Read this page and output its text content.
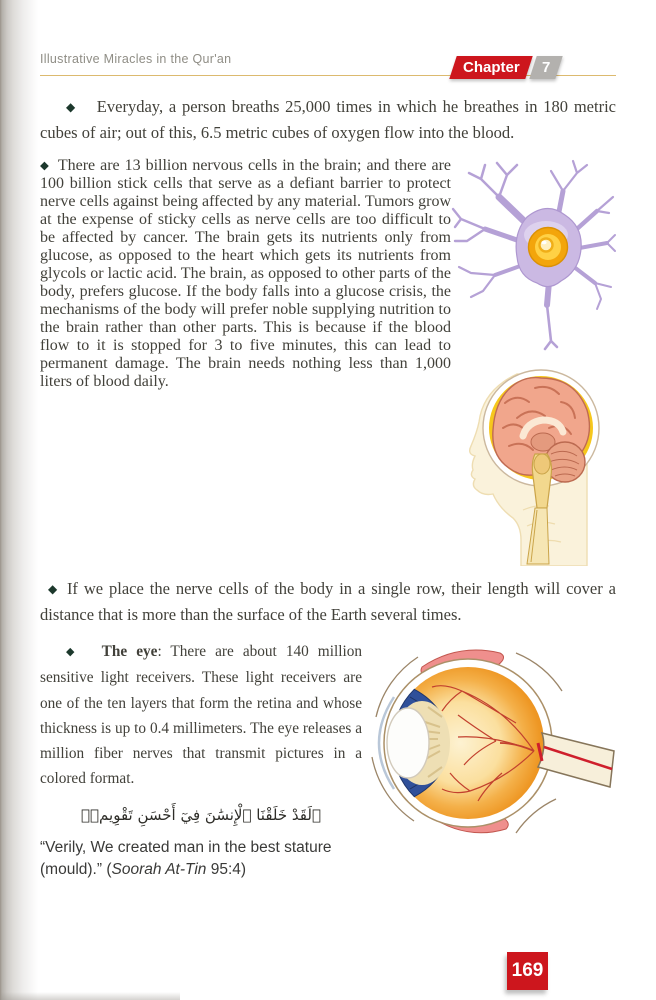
Illustrative Miracles in the Qur'an	Chapter 7

◆ Everyday, a person breaths 25,000 times in which he breathes in 180 metric cubes of air; out of this, 6.5 metric cubes of oxygen flow into the blood.

◆ There are 13 billion nervous cells in the brain; and there are 100 billion stick cells that serve as a defiant barrier to protect nerve cells against being affected by any material. Tumors grow at the expense of sticky cells as nerve cells are too difficult to be affected by cancer. The brain gets its nutrients only from glucose, as opposed to the heart which gets its nutrients from glycols or lactic acid. The brain, as opposed to other parts of the body, prefers glucose. If the body falls into a glucose crisis, the mechanisms of the body will prefer noble supplying nutrition to the brain rather than other parts. This is because if the blood flow to it is stopped for 3 to five minutes, this can lead to permanent damage. The brain needs nothing less than 1,000 liters of blood daily.

◆ If we place the nerve cells of the body in a single row, their length will cover a distance that is more than the surface of the Earth several times.

◆ The eye: There are about 140 million sensitive light receivers. These light receivers are one of the ten layers that form the retina and whose thickness is up to 0.4 millimeters. The eye releases a million fiber nerves that transmit pictures in a colored format.
﴿لَقَدْ خَلَقْنَا ٱلْإِنسَٰنَ فِيٓ أَحْسَنِ تَقْوِيمٖ﴾
“Verily, We created man in the best stature (mould).” (Soorah At-Tin 95:4)
169
